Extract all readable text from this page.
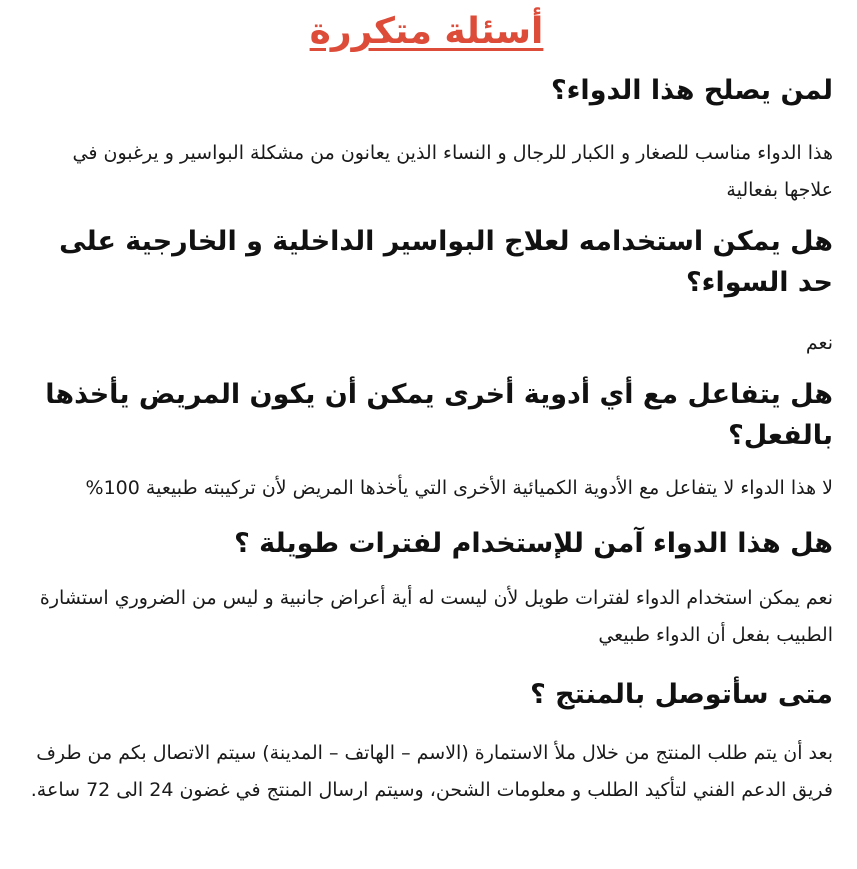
أسئلة متكررة
لمن يصلح هذا الدواء؟

هذا الدواء مناسب للصغار و الكبار للرجال و النساء الذين يعانون من مشكلة البواسير و يرغبون في علاجها بفعالية

هل يمكن استخدامه لعلاج البواسير الداخلية و الخارجية على حد السواء؟

نعم

هل يتفاعل مع أي أدوية أخرى يمكن أن يكون المريض يأخذها بالفعل؟

لا هذا الدواء لا يتفاعل مع الأدوية الكميائية الأخرى التي يأخذها المريض لأن تركيبته طبيعية 100%

هل هذا الدواء آمن للإستخدام لفترات طويلة ؟

نعم يمكن استخدام الدواء لفترات طويل لأن ليست له أية أعراض جانبية و ليس من الضروري استشارة الطبيب بفعل أن الدواء طبيعي

متى سأتوصل بالمنتج ؟

بعد أن يتم طلب المنتج من خلال ملأ الاستمارة (الاسم – الهاتف – المدينة) سيتم الاتصال بكم من طرف فريق الدعم الفني لتأكيد الطلب و معلومات الشحن، وسيتم ارسال المنتج في غضون 24 الى 72 ساعة.
